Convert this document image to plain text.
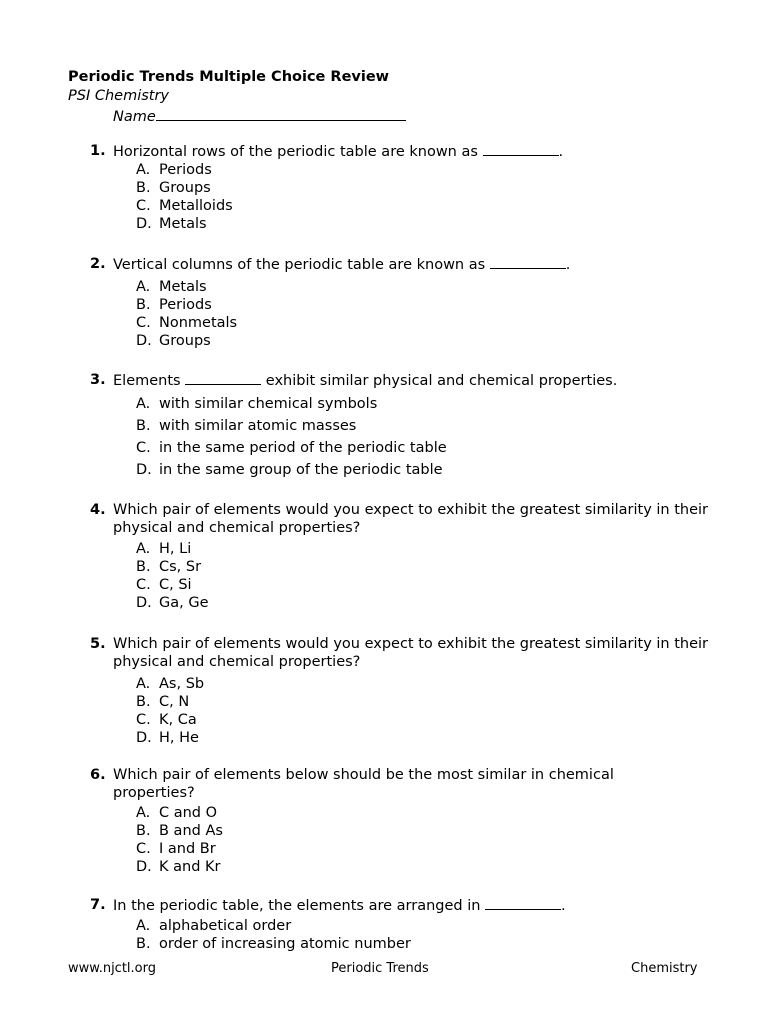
Periodic Trends Multiple Choice Review

PSI Chemistry

Name
1. Horizontal rows of the periodic table are known as	.
A. Periods
B. Groups
C. Metalloids
D. Metals
2. Vertical columns of the periodic table are known as	.
A. Metals
B. Periods
C. Nonmetals
D. Groups
3. Elements	exhibit similar physical and chemical properties.
A. with similar chemical symbols
B. with similar atomic masses
C. in the same period of the periodic table
D. in the same group of the periodic table
4. Which pair of elements would you expect to exhibit the greatest similarity in their physical and chemical properties?
A. H, Li
B. Cs, Sr
C. C, Si
D. Ga, Ge
5. Which pair of elements would you expect to exhibit the greatest similarity in their physical and chemical properties?
A. As, Sb
B. C, N
C. K, Ca
D. H, He
6. Which pair of elements below should be the most similar in chemical properties?
A. C and O
B. B and As
C. I and Br
D. K and Kr
7. In the periodic table, the elements are arranged in	.
A. alphabetical order
B. order of increasing atomic number
www.njctl.org	Periodic Trends	Chemistry
